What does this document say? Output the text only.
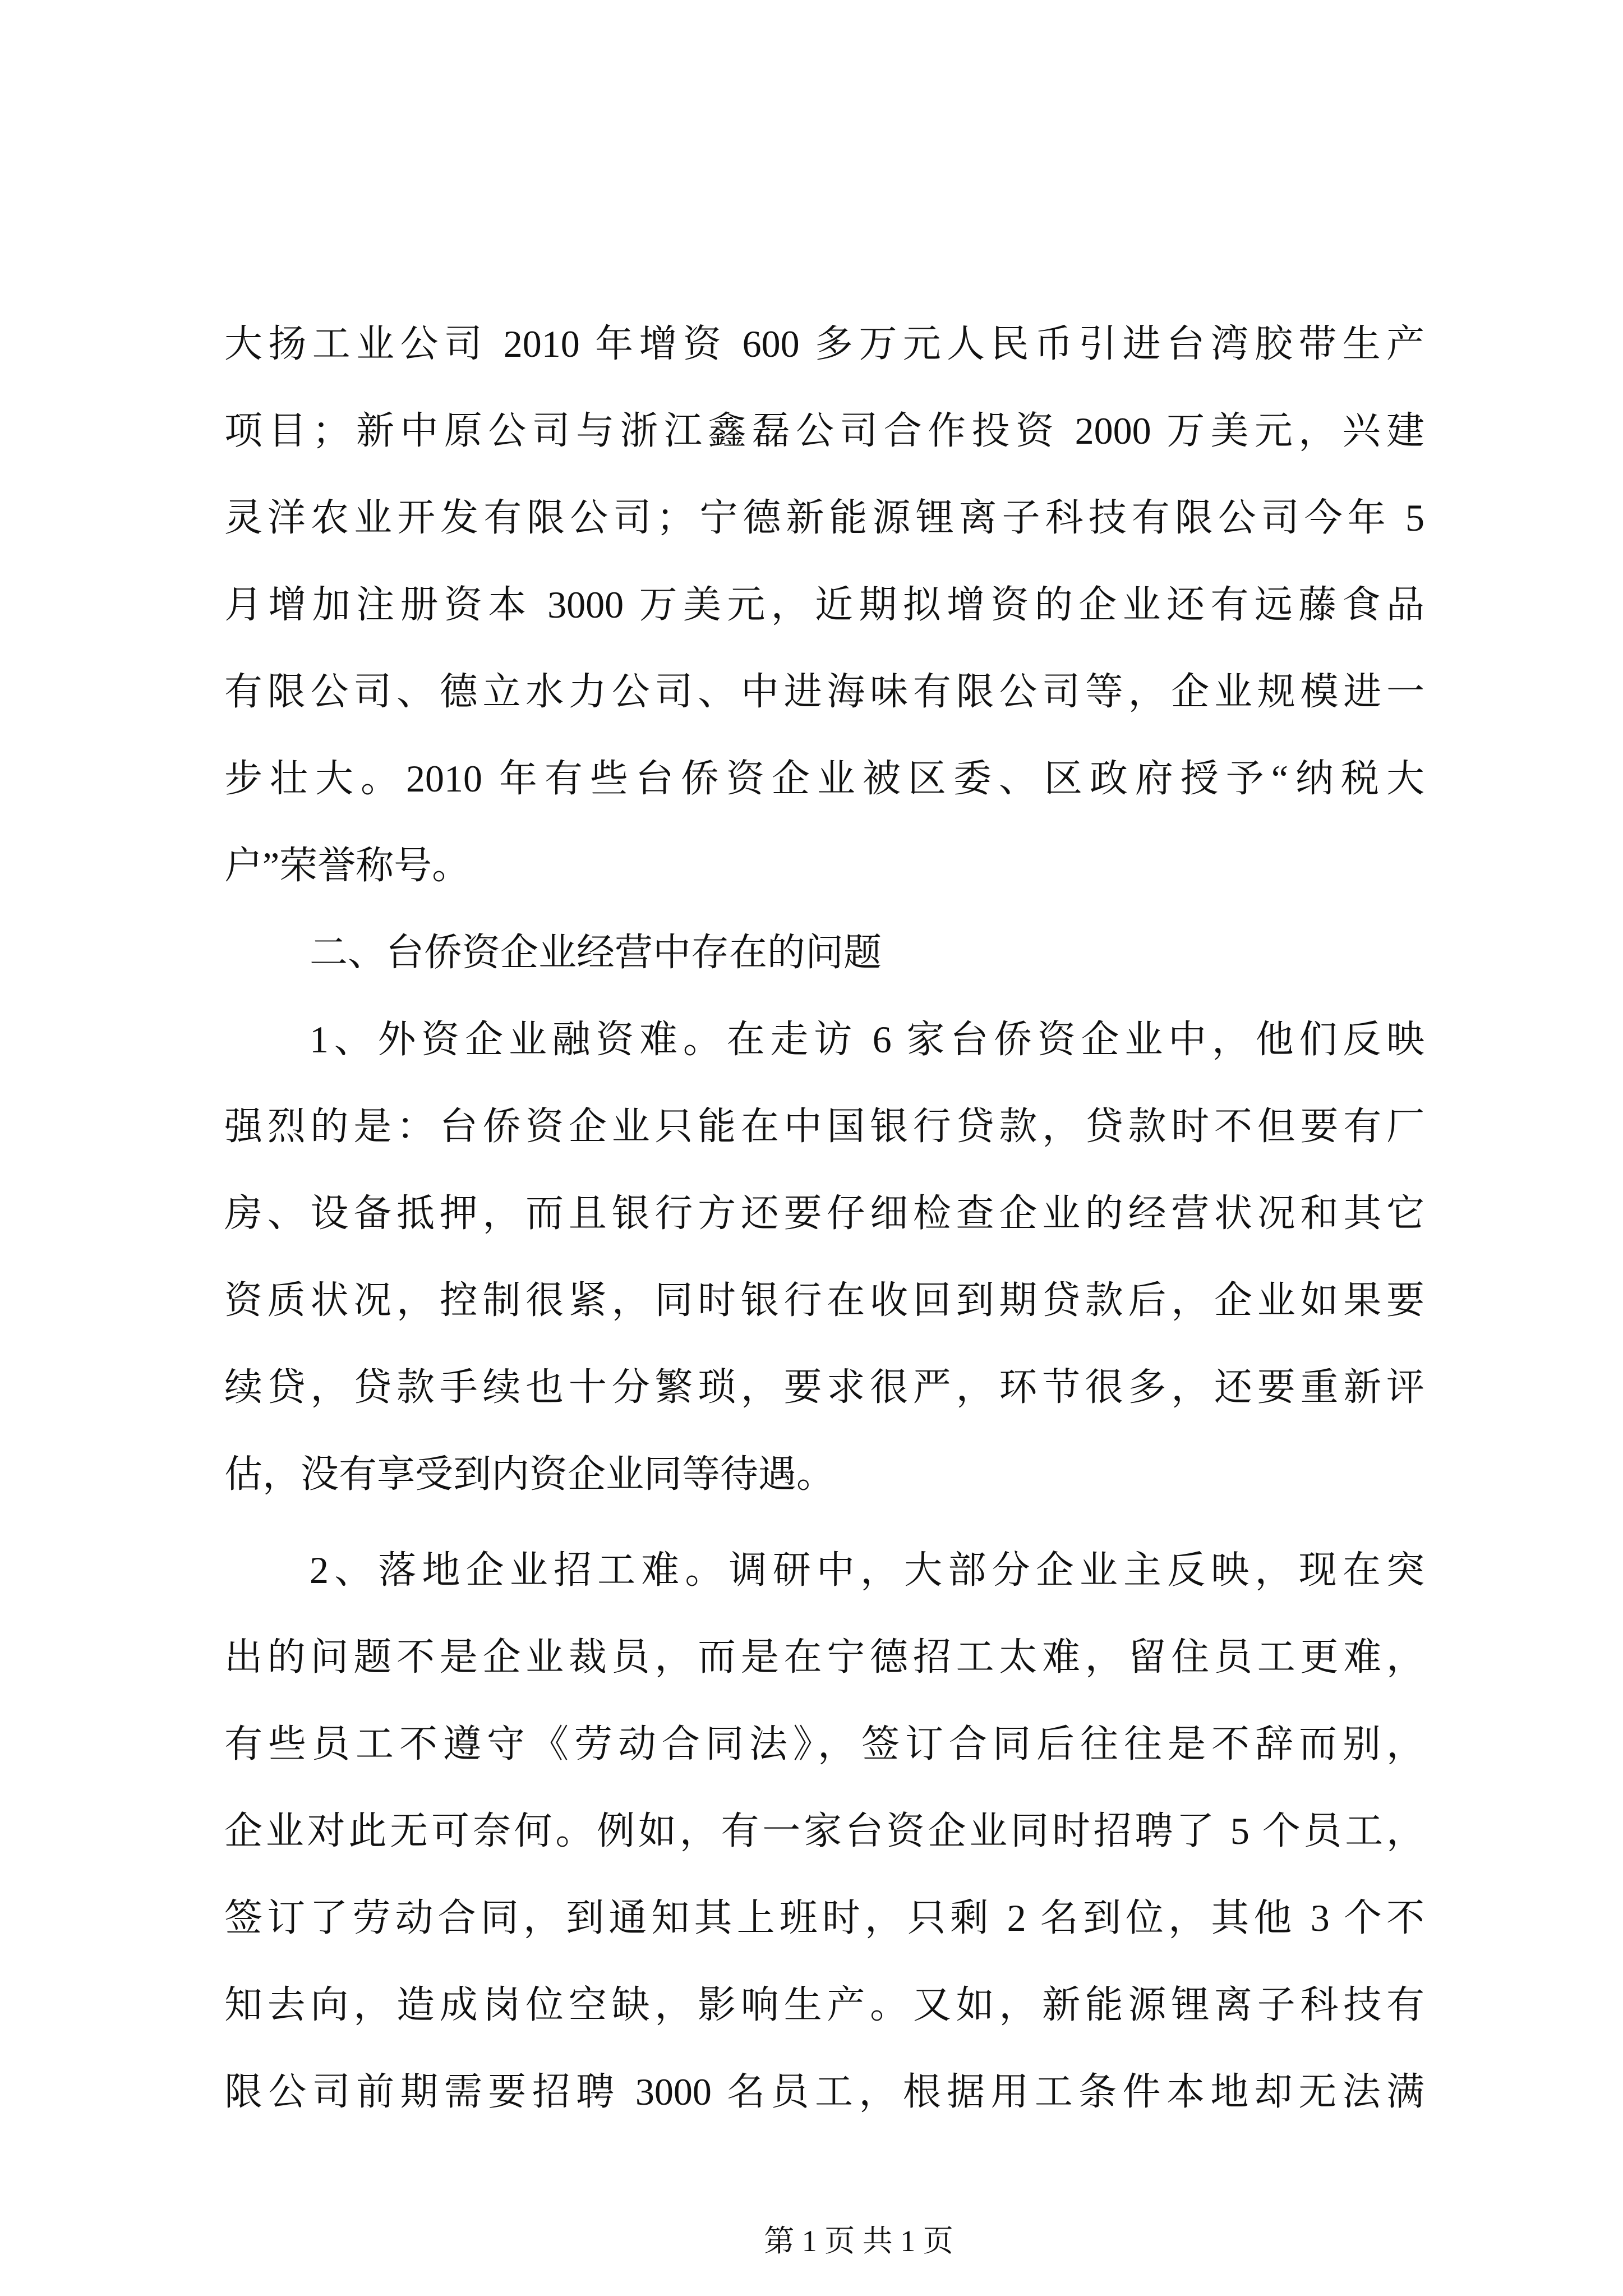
大扬工业公司 2010 年增资 600 多万元人民币引进台湾胶带生产
项目；新中原公司与浙江鑫磊公司合作投资 2000 万美元，兴建
灵洋农业开发有限公司；宁德新能源锂离子科技有限公司今年 5
月增加注册资本 3000 万美元，近期拟增资的企业还有远藤食品
有限公司、德立水力公司、中进海味有限公司等，企业规模进一
步壮大。2010 年有些台侨资企业被区委、区政府授予“纳税大
户”荣誉称号。
二、台侨资企业经营中存在的问题
1、外资企业融资难。在走访 6 家台侨资企业中，他们反映
强烈的是：台侨资企业只能在中国银行贷款，贷款时不但要有厂
房、设备抵押，而且银行方还要仔细检查企业的经营状况和其它
资质状况，控制很紧，同时银行在收回到期贷款后，企业如果要
续贷，贷款手续也十分繁琐，要求很严，环节很多，还要重新评
估，没有享受到内资企业同等待遇。
2、落地企业招工难。调研中，大部分企业主反映，现在突
出的问题不是企业裁员，而是在宁德招工太难，留住员工更难，
有些员工不遵守《劳动合同法》，签订合同后往往是不辞而别，
企业对此无可奈何。例如，有一家台资企业同时招聘了 5 个员工，
签订了劳动合同，到通知其上班时，只剩 2 名到位，其他 3 个不
知去向，造成岗位空缺，影响生产。又如，新能源锂离子科技有
限公司前期需要招聘 3000 名员工，根据用工条件本地却无法满
第 1 页 共 1 页
